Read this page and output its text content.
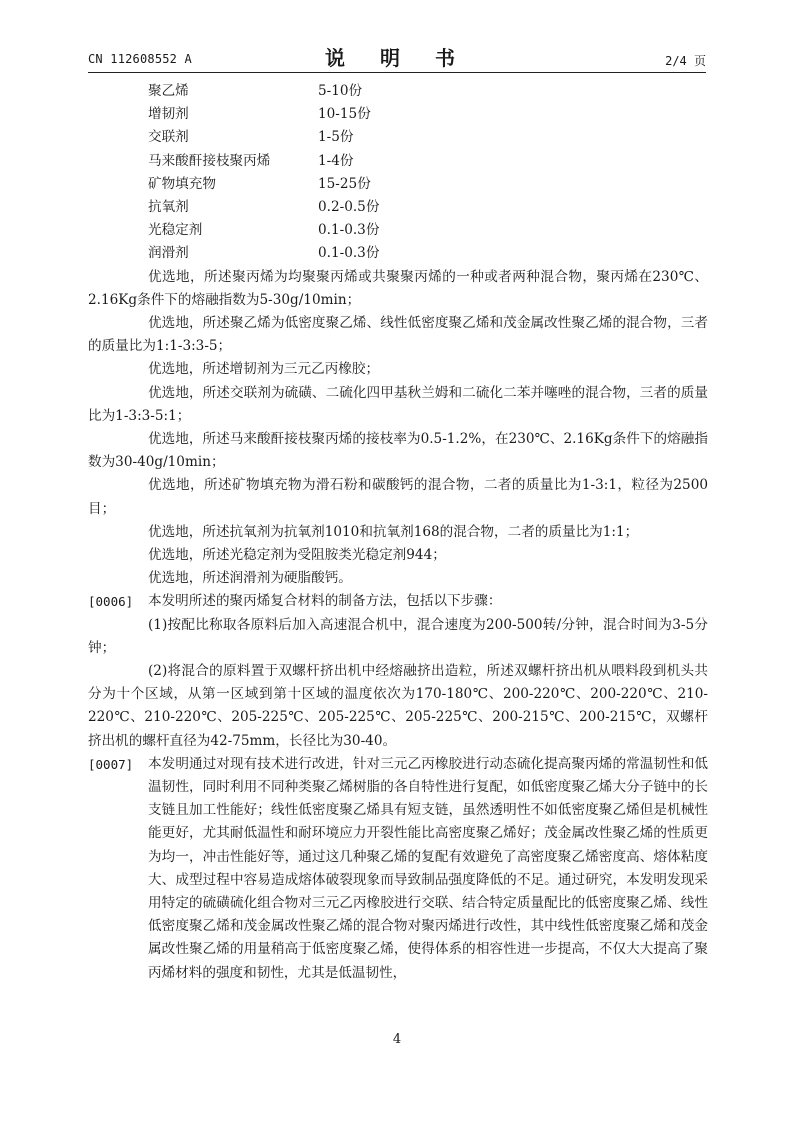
CN 112608552 A	说 明 书	2/4 页
聚乙烯	5-10份
增韧剂	10-15份
交联剂	1-5份
马来酸酐接枝聚丙烯	1-4份
矿物填充物	15-25份
抗氧剂	0.2-0.5份
光稳定剂	0.1-0.3份
润滑剂	0.1-0.3份

优选地，所述聚丙烯为均聚聚丙烯或共聚聚丙烯的一种或者两种混合物，聚丙烯在230℃、2.16Kg条件下的熔融指数为5-30g/10min；

优选地，所述聚乙烯为低密度聚乙烯、线性低密度聚乙烯和茂金属改性聚乙烯的混合物，三者的质量比为1:1-3:3-5；

优选地，所述增韧剂为三元乙丙橡胶；

优选地，所述交联剂为硫磺、二硫化四甲基秋兰姆和二硫化二苯并噻唑的混合物，三者的质量比为1-3:3-5:1；

优选地，所述马来酸酐接枝聚丙烯的接枝率为0.5-1.2%，在230℃、2.16Kg条件下的熔融指数为30-40g/10min；

优选地，所述矿物填充物为滑石粉和碳酸钙的混合物，二者的质量比为1-3:1，粒径为2500目；

优选地，所述抗氧剂为抗氧剂1010和抗氧剂168的混合物，二者的质量比为1:1；

优选地，所述光稳定剂为受阻胺类光稳定剂944；

优选地，所述润滑剂为硬脂酸钙。

[0006]	本发明所述的聚丙烯复合材料的制备方法，包括以下步骤：

(1)按配比称取各原料后加入高速混合机中，混合速度为200-500转/分钟，混合时间为3-5分钟；

(2)将混合的原料置于双螺杆挤出机中经熔融挤出造粒，所述双螺杆挤出机从喂料段到机头共分为十个区域，从第一区域到第十区域的温度依次为170-180℃、200-220℃、200-220℃、210-220℃、210-220℃、205-225℃、205-225℃、205-225℃、200-215℃、200-215℃，双螺杆挤出机的螺杆直径为42-75mm，长径比为30-40。

[0007]	本发明通过对现有技术进行改进，针对三元乙丙橡胶进行动态硫化提高聚丙烯的常温韧性和低温韧性，同时利用不同种类聚乙烯树脂的各自特性进行复配，如低密度聚乙烯大分子链中的长支链且加工性能好；线性低密度聚乙烯具有短支链，虽然透明性不如低密度聚乙烯但是机械性能更好，尤其耐低温性和耐环境应力开裂性能比高密度聚乙烯好；茂金属改性聚乙烯的性质更为均一，冲击性能好等，通过这几种聚乙烯的复配有效避免了高密度聚乙烯密度高、熔体粘度大、成型过程中容易造成熔体破裂现象而导致制品强度降低的不足。通过研究，本发明发现采用特定的硫磺硫化组合物对三元乙丙橡胶进行交联、结合特定质量配比的低密度聚乙烯、线性低密度聚乙烯和茂金属改性聚乙烯的混合物对聚丙烯进行改性，其中线性低密度聚乙烯和茂金属改性聚乙烯的用量稍高于低密度聚乙烯，使得体系的相容性进一步提高，不仅大大提高了聚丙烯材料的强度和韧性，尤其是低温韧性，
4
